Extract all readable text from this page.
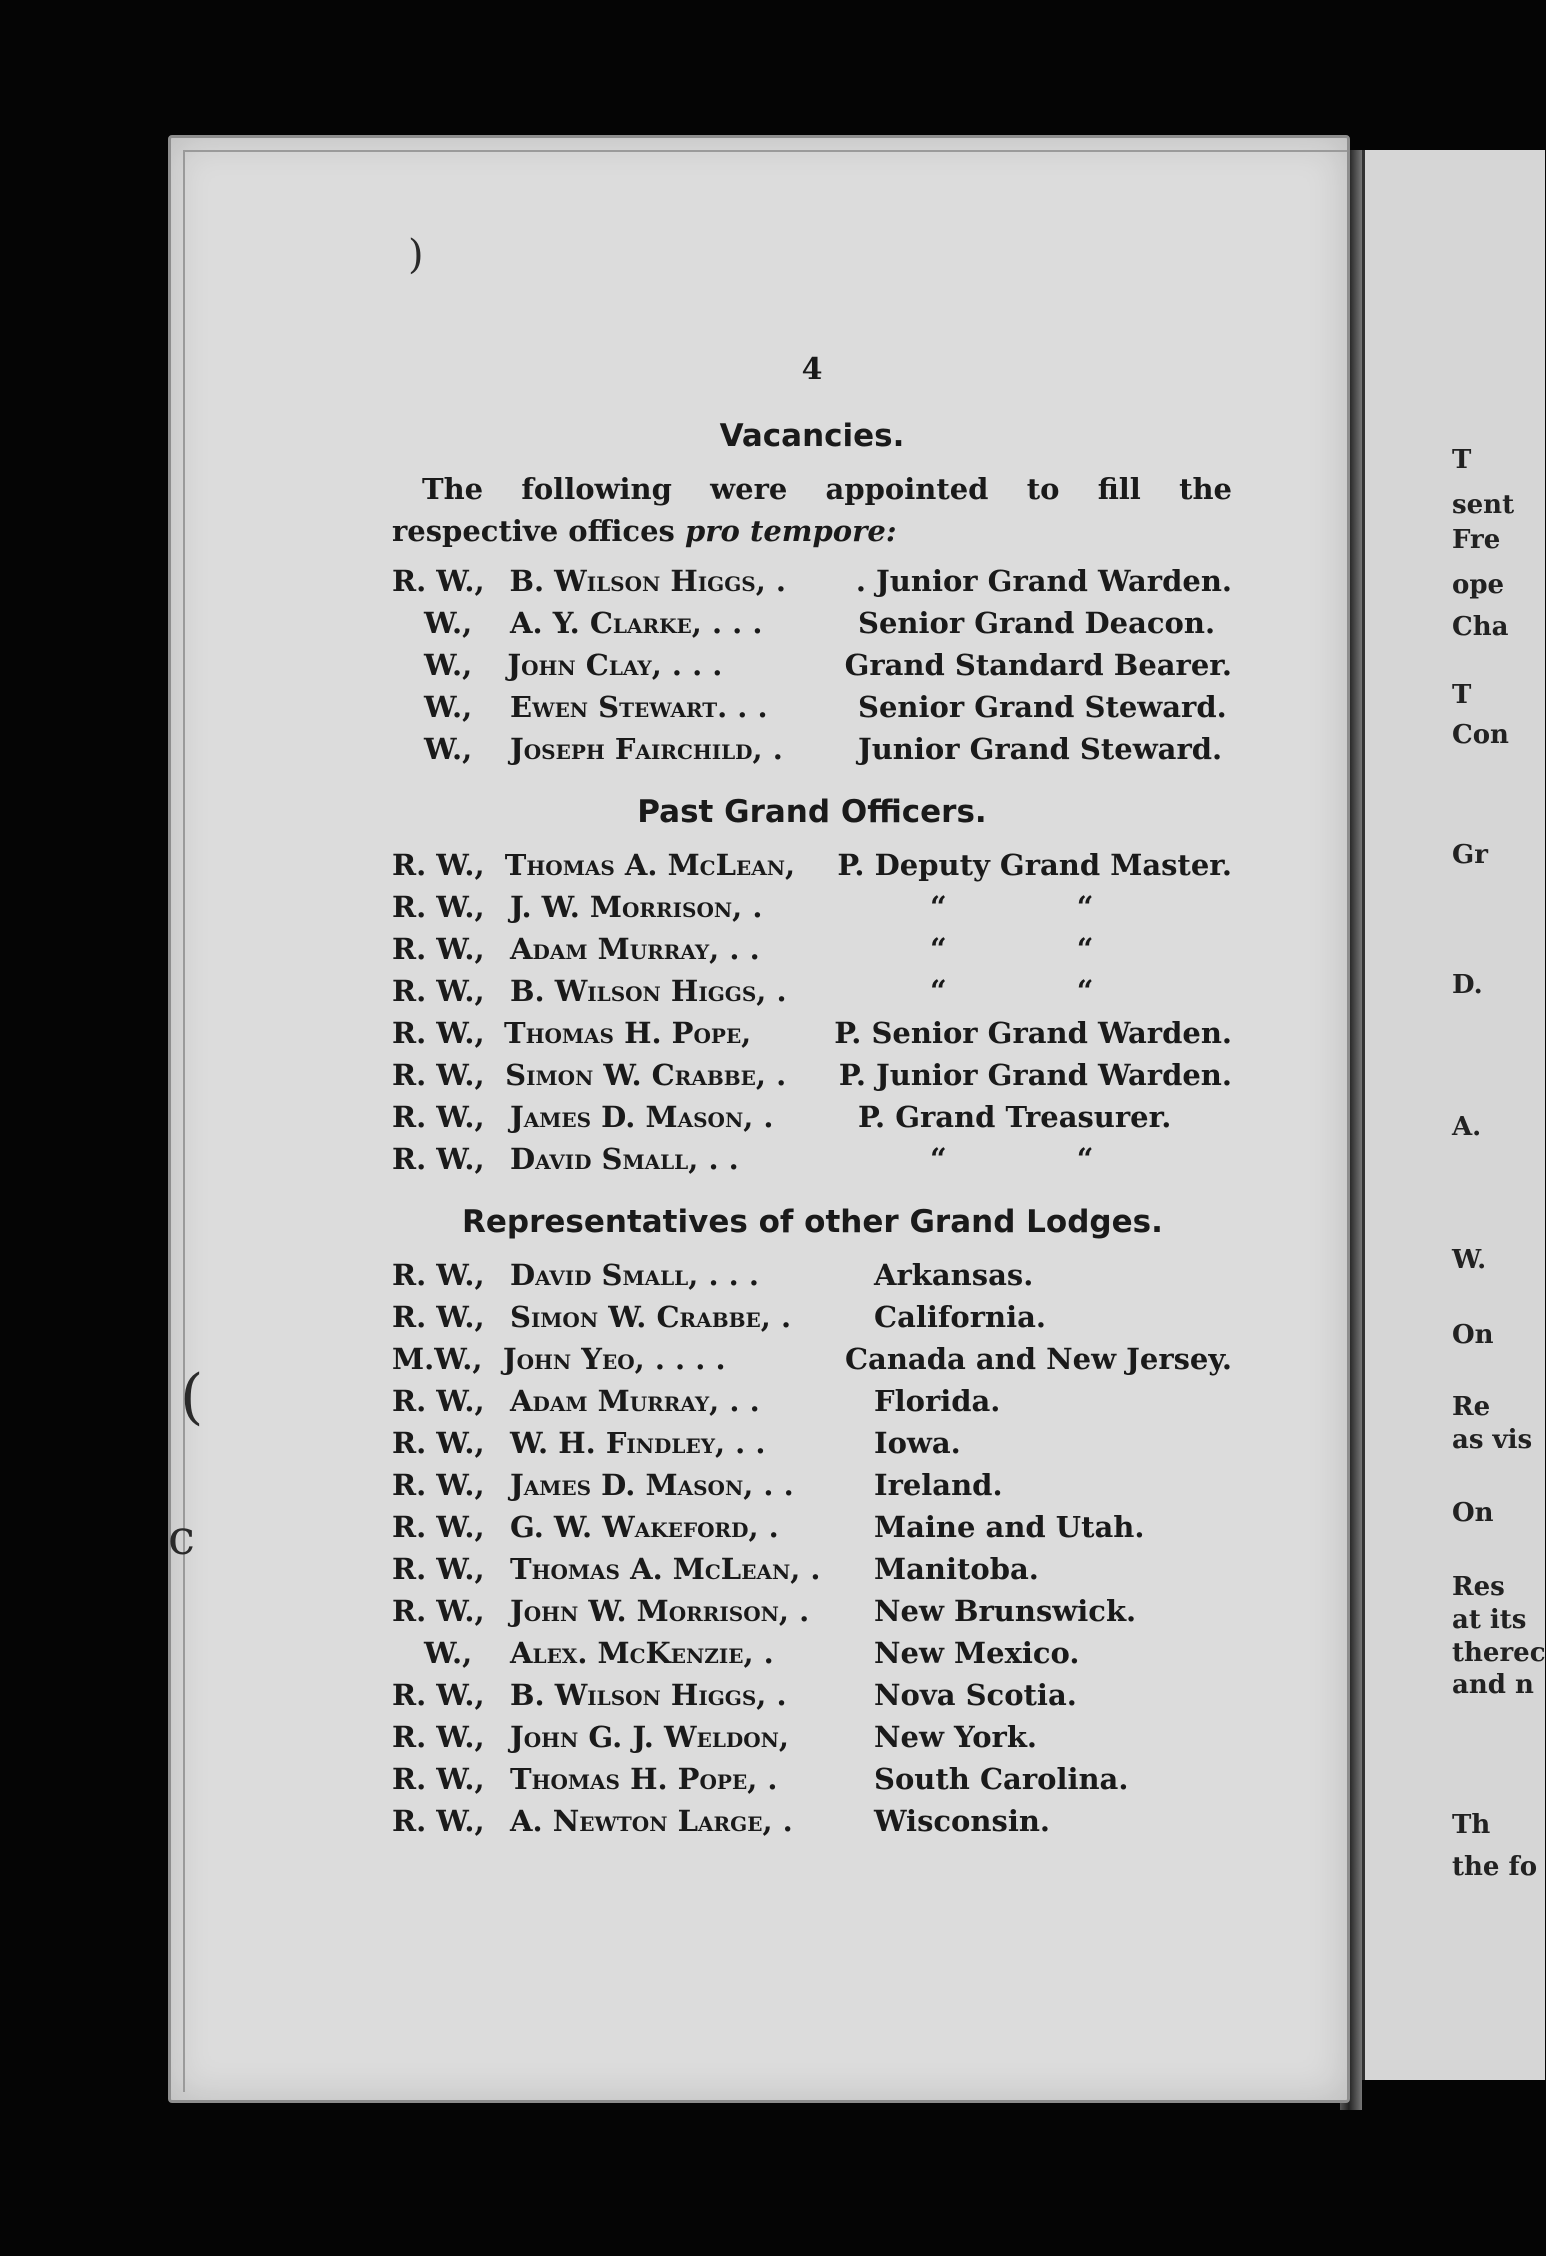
)
(
c
4
Vacancies.
The following were appointed to fill the respective offices pro tempore:
R. W., B. Wilson Higgs, .	. Junior Grand Warden.
W.,	A. Y. Clarke, . . .	Senior Grand Deacon.
W.,	John Clay, . . .	Grand Standard Bearer.
W.,	Ewen Stewart. . .	Senior Grand Steward.
W.,	Joseph Fairchild, .	Junior Grand Steward.
Past Grand Officers.
R. W., Thomas A. McLean,	P. Deputy Grand Master.
R. W., J. W. Morrison, .	“ “
R. W., Adam Murray, . .	“ “
R. W., B. Wilson Higgs, .	“ “
R. W., Thomas H. Pope,	P. Senior Grand Warden.
R. W., Simon W. Crabbe, .	P. Junior Grand Warden.
R. W., James D. Mason, .	P. Grand Treasurer.
R. W., David Small, . .	“ “
Representatives of other Grand Lodges.
R. W., David Small, . . .	Arkansas.
R. W., Simon W. Crabbe, .	California.
M.W., John Yeo, . . . .	Canada and New Jersey.
R. W., Adam Murray, . .	Florida.
R. W., W. H. Findley, . .	Iowa.
R. W., James D. Mason, . .	Ireland.
R. W., G. W. Wakeford, .	Maine and Utah.
R. W., Thomas A. McLean, .	Manitoba.
R. W., John W. Morrison, .	New Brunswick.
W.,	Alex. McKenzie, .	New Mexico.
R. W., B. Wilson Higgs, .	Nova Scotia.
R. W., John G. J. Weldon,	New York.
R. W., Thomas H. Pope, .	South Carolina.
R. W., A. Newton Large, .	Wisconsin.
T
sent
Fre
ope
Cha
T
Con
Gr
D.
A.
W.
On
Re
as vis
On
Res
at its
therec
and n
Th
the fo
